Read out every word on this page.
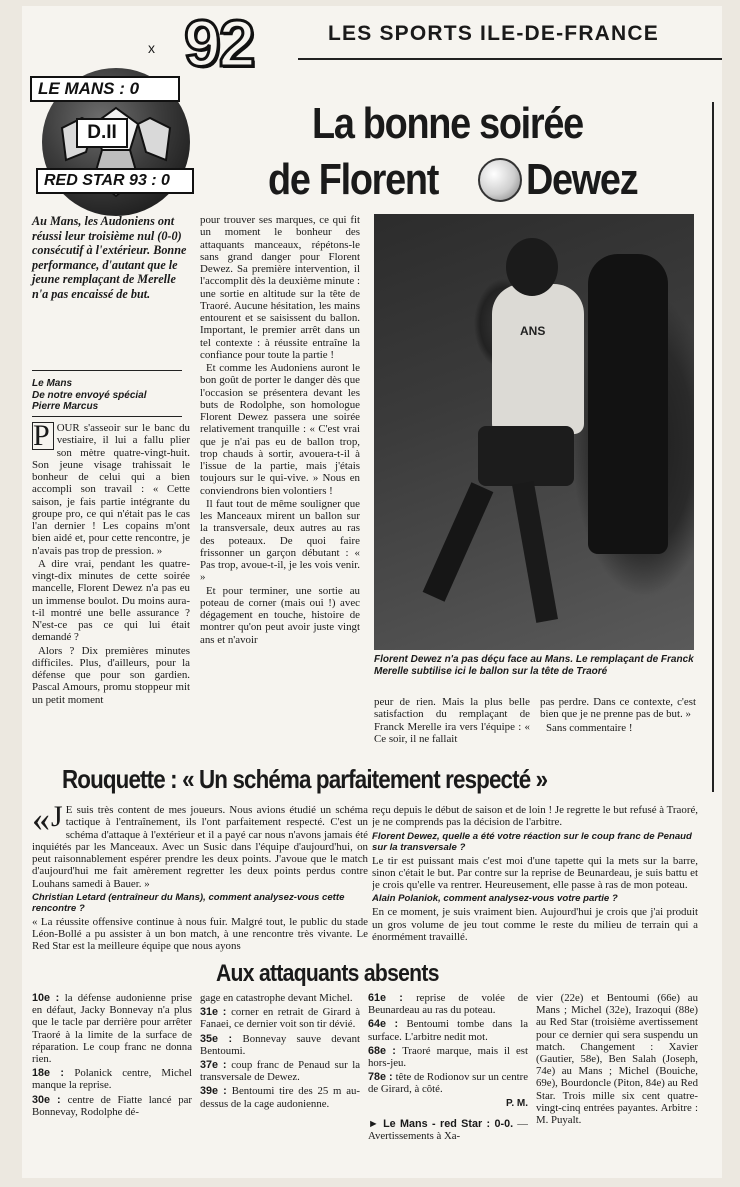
x 92	LES SPORTS ILE-DE-FRANCE
LE MANS : 0
D.II
RED STAR 93 : 0
La bonne soirée
de Florent Dewez

Au Mans, les Audoniens ont réussi leur troisième nul (0-0) consécutif à l'extérieur. Bonne performance, d'autant que le jeune remplaçant de Merelle n'a pas encaissé de but.

Le Mans
De notre envoyé spécial
Pierre Marcus

P OUR s'asseoir sur le banc du vestiaire, il lui a fallu plier son mètre quatre-vingt-huit. Son jeune visage trahissait le bonheur de celui qui a bien accompli son travail : « Cette saison, je fais partie intégrante du groupe pro, ce qui n'était pas le cas l'an dernier ! Les copains m'ont bien aidé et, pour cette rencontre, je n'avais pas trop de pression. »

A dire vrai, pendant les quatre-vingt-dix minutes de cette soirée mancelle, Florent Dewez n'a pas eu un immense boulot. Du moins aura-t-il montré une belle assurance ? N'est-ce pas ce qui lui était demandé ?

Alors ? Dix premières minutes difficiles. Plus, d'ailleurs, pour la défense que pour son gardien. Pascal Amours, promu stoppeur mit un petit moment

pour trouver ses marques, ce qui fit un moment le bonheur des attaquants manceaux, répétons-le sans grand danger pour Florent Dewez. Sa première intervention, il l'accomplit dès la deuxième minute : une sortie en altitude sur la tête de Traoré. Aucune hésitation, les mains entourent et se saisissent du ballon. Important, le premier arrêt dans un tel contexte : à réussite entraîne la confiance pour toute la partie !

Et comme les Audoniens auront le bon goût de porter le danger dès que l'occasion se présentera devant les buts de Rodolphe, son homologue Florent Dewez passera une soirée relativement tranquille : « C'est vrai que je n'ai pas eu de ballon trop, trop chauds à sortir, avouera-t-il à l'issue de la partie, mais j'étais toujours sur le qui-vive. » Nous en conviendrons bien volontiers !

Il faut tout de même souligner que les Manceaux mirent un ballon sur la transversale, deux autres au ras des poteaux. De quoi faire frissonner un garçon débutant : « Pas trop, avoue-t-il, je les vois venir. »

Et pour terminer, une sortie au poteau de corner (mais oui !) avec dégagement en touche, histoire de montrer qu'on peut avoir juste vingt ans et n'avoir

ANS
Florent Dewez n'a pas déçu face au Mans. Le remplaçant de Franck Merelle subtilise ici le ballon sur la tête de Traoré

peur de rien. Mais la plus belle satisfaction du remplaçant de Franck Merelle ira vers l'équipe : « Ce soir, il ne fallait

pas perdre. Dans ce contexte, c'est bien que je ne prenne pas de but. »

Sans commentaire !

Rouquette : « Un schéma parfaitement respecté »

« J E suis très content de mes joueurs. Nous avions étudié un schéma tactique à l'entraînement, ils l'ont parfaitement respecté. C'est un schéma d'attaque à l'extérieur et il a payé car nous n'avons jamais été inquiétés par les Manceaux. Avec un Susic dans l'équipe d'aujourd'hui, on peut raisonnablement espérer prendre les deux points. J'avoue que le match d'aujourd'hui me fait amèrement regretter les deux points perdus contre Louhans samedi à Bauer. »

Christian Letard (entraîneur du Mans), comment analysez-vous cette rencontre ?

« La réussite offensive continue à nous fuir. Malgré tout, le public du stade Léon-Bollé a pu assister à un bon match, à une rencontre très vivante. Le Red Star est la meilleure équipe que nous ayons

reçu depuis le début de saison et de loin ! Je regrette le but refusé à Traoré, je ne comprends pas la décision de l'arbitre.

Florent Dewez, quelle a été votre réaction sur le coup franc de Penaud sur la transversale ?

Le tir est puissant mais c'est moi d'une tapette qui la mets sur la barre, sinon c'était le but. Par contre sur la reprise de Beunardeau, je suis battu et je crois qu'elle va rentrer. Heureusement, elle passe à ras de mon poteau.

Alain Polaniok, comment analysez-vous votre partie ?

En ce moment, je suis vraiment bien. Aujourd'hui je crois que j'ai produit un gros volume de jeu tout comme le reste du milieu de terrain qui a énormément travaillé.

Aux attaquants absents

10e : la défense audonienne prise en défaut, Jacky Bonnevay n'a plus que le tacle par derrière pour arrêter Traoré à la limite de la surface de réparation. Le coup franc ne donna rien.

18e : Polanick centre, Michel manque la reprise.

30e : centre de Fiatte lancé par Bonnevay, Rodolphe dé-

gage en catastrophe devant Michel.

31e : corner en retrait de Girard à Fanaei, ce dernier voit son tir dévié.

35e : Bonnevay sauve devant Bentoumi.

37e : coup franc de Penaud sur la transversale de Dewez.

39e : Bentoumi tire des 25 m au-dessus de la cage audonienne.

61e : reprise de volée de Beunardeau au ras du poteau.

64e : Bentoumi tombe dans la surface. L'arbitre nedit mot.

68e : Traoré marque, mais il est hors-jeu.

78e : tête de Rodionov sur un centre de Girard, à côté.

P. M.

► Le Mans - red Star : 0-0. — Avertissements à Xa-

vier (22e) et Bentoumi (66e) au Mans ; Michel (32e), Irazoqui (88e) au Red Star (troisième avertissement pour ce dernier qui sera suspendu un match. Changement : Xavier (Gautier, 58e), Ben Salah (Joseph, 74e) au Mans ; Michel (Bouiche, 69e), Bourdoncle (Piton, 84e) au Red Star. Trois mille six cent quatre-vingt-cinq entrées payantes. Arbitre : M. Puyalt.
